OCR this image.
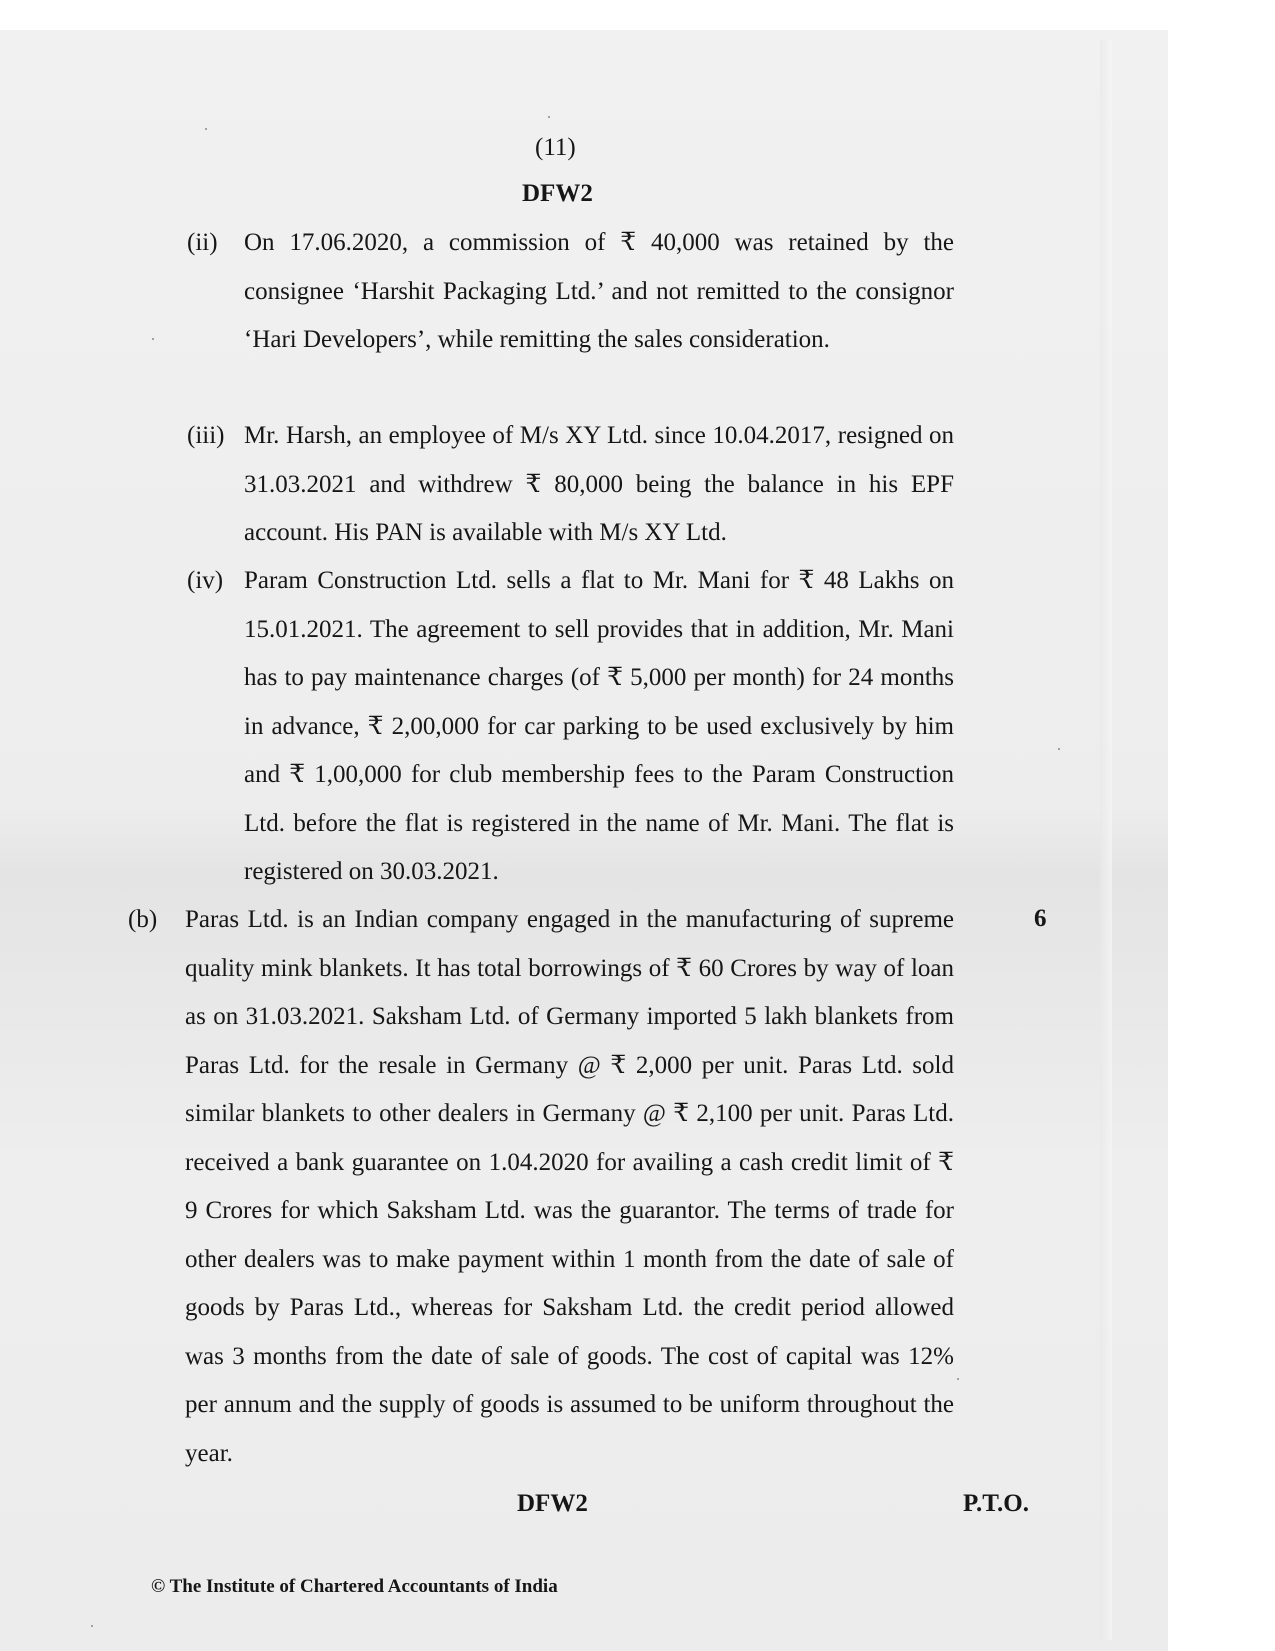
(11)
DFW2
(ii) On 17.06.2020, a commission of ₹ 40,000 was retained by the consignee ‘Harshit Packaging Ltd.’ and not remitted to the consignor ‘Hari Developers’, while remitting the sales consideration.
(iii) Mr. Harsh, an employee of M/s XY Ltd. since 10.04.2017, resigned on 31.03.2021 and withdrew ₹ 80,000 being the balance in his EPF account. His PAN is available with M/s XY Ltd.
(iv) Param Construction Ltd. sells a flat to Mr. Mani for ₹ 48 Lakhs on 15.01.2021. The agreement to sell provides that in addition, Mr. Mani has to pay maintenance charges (of ₹ 5,000 per month) for 24 months in advance, ₹ 2,00,000 for car parking to be used exclusively by him and ₹ 1,00,000 for club membership fees to the Param Construction Ltd. before the flat is registered in the name of Mr. Mani. The flat is registered on 30.03.2021.
(b) Paras Ltd. is an Indian company engaged in the manufacturing of supreme quality mink blankets. It has total borrowings of ₹ 60 Crores by way of loan as on 31.03.2021. Saksham Ltd. of Germany imported 5 lakh blankets from Paras Ltd. for the resale in Germany @ ₹ 2,000 per unit. Paras Ltd. sold similar blankets to other dealers in Germany @ ₹ 2,100 per unit. Paras Ltd. received a bank guarantee on 1.04.2020 for availing a cash credit limit of ₹ 9 Crores for which Saksham Ltd. was the guarantor. The terms of trade for other dealers was to make payment within 1 month from the date of sale of goods by Paras Ltd., whereas for Saksham Ltd. the credit period allowed was 3 months from the date of sale of goods. The cost of capital was 12% per annum and the supply of goods is assumed to be uniform throughout the year.
6
DFW2	P.T.O.
© The Institute of Chartered Accountants of India
